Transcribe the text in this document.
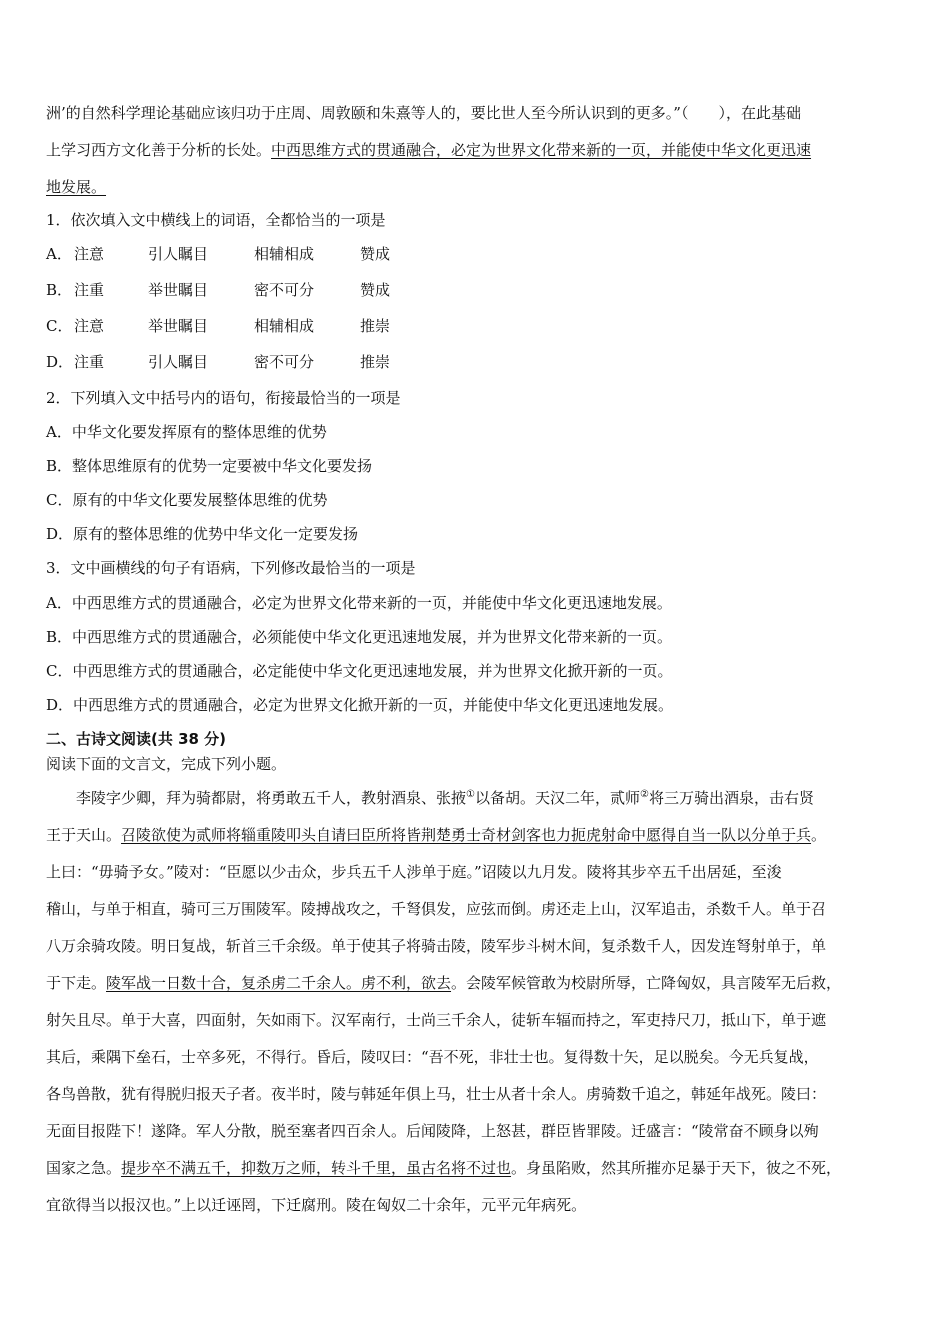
洲’的自然科学理论基础应该归功于庄周、周敦颐和朱熹等人的，要比世人至今所认识到的更多。”（　　），在此基础
上学习西方文化善于分析的长处。中西思维方式的贯通融合，必定为世界文化带来新的一页，并能使中华文化更迅速
地发展。
1．依次填入文中横线上的词语，全都恰当的一项是
A． 注意	引人瞩目	相辅相成	赞成
B． 注重	举世瞩目	密不可分	赞成
C． 注意	举世瞩目	相辅相成	推崇
D．注重	引人瞩目	密不可分	推崇
2．下列填入文中括号内的语句，衔接最恰当的一项是
A．中华文化要发挥原有的整体思维的优势
B．整体思维原有的优势一定要被中华文化要发扬
C．原有的中华文化要发展整体思维的优势
D．原有的整体思维的优势中华文化一定要发扬
3．文中画横线的句子有语病，下列修改最恰当的一项是
A．中西思维方式的贯通融合，必定为世界文化带来新的一页，并能使中华文化更迅速地发展。
B．中西思维方式的贯通融合，必须能使中华文化更迅速地发展，并为世界文化带来新的一页。
C．中西思维方式的贯通融合，必定能使中华文化更迅速地发展，并为世界文化掀开新的一页。
D．中西思维方式的贯通融合，必定为世界文化掀开新的一页，并能使中华文化更迅速地发展。
二、古诗文阅读(共 38 分)
阅读下面的文言文，完成下列小题。
　　李陵字少卿，拜为骑都尉，将勇敢五千人，教射酒泉、张掖①以备胡。天汉二年，贰师②将三万骑出酒泉，击右贤
王于天山。召陵欲使为贰师将辎重陵叩头自请曰臣所将皆荆楚勇士奇材剑客也力扼虎射命中愿得自当一队以分单于兵。
上曰：“毋骑予女。”陵对：“臣愿以少击众，步兵五千人涉单于庭。”诏陵以九月发。陵将其步卒五千出居延，至浚
稽山，与单于相直，骑可三万围陵军。陵搏战攻之，千弩俱发，应弦而倒。虏还走上山，汉军追击，杀数千人。单于召
八万余骑攻陵。明日复战，斩首三千余级。单于使其子将骑击陵，陵军步斗树木间，复杀数千人，因发连弩射单于，单
于下走。陵军战一日数十合，复杀虏二千余人。虏不利，欲去。会陵军候管敢为校尉所辱，亡降匈奴，具言陵军无后救，
射矢且尽。单于大喜，四面射，矢如雨下。汉军南行，士尚三千余人，徒斩车辐而持之，军吏持尺刀，抵山下，单于遮
其后，乘隅下垒石，士卒多死，不得行。昏后，陵叹曰：“吾不死，非壮士也。复得数十矢，足以脱矣。今无兵复战，
各鸟兽散，犹有得脱归报天子者。夜半时，陵与韩延年俱上马，壮士从者十余人。虏骑数千追之，韩延年战死。陵曰：
无面目报陛下！遂降。军人分散，脱至塞者四百余人。后闻陵降，上怒甚，群臣皆罪陵。迁盛言：“陵常奋不顾身以殉
国家之急。提步卒不满五千，抑数万之师，转斗千里，虽古名将不过也。身虽陷败，然其所摧亦足暴于天下，彼之不死，
宜欲得当以报汉也。”上以迁诬罔，下迁腐刑。陵在匈奴二十余年，元平元年病死。
